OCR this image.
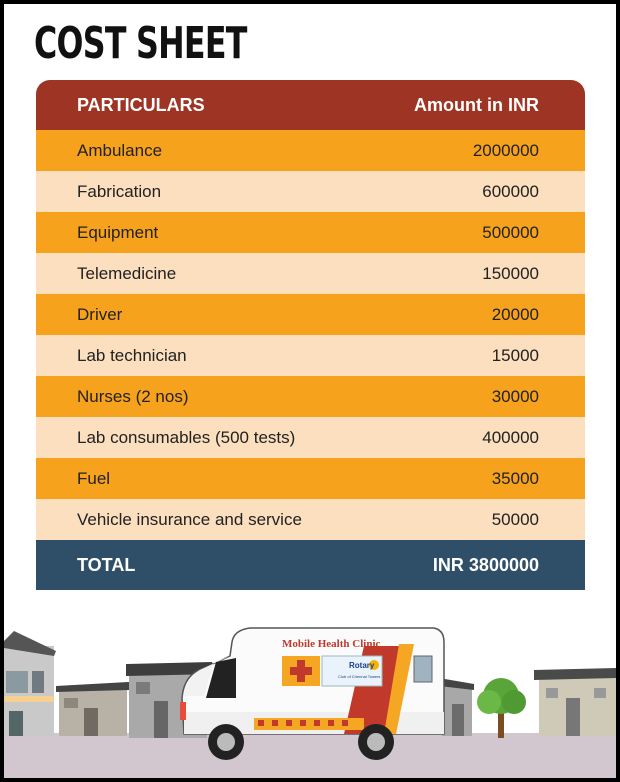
COST SHEET
PARTICULARS	Amount in INR
Ambulance	2000000
Fabrication	600000
Equipment	500000
Telemedicine	150000
Driver	20000
Lab technician	15000
Nurses (2 nos)	30000
Lab consumables (500 tests)	400000
Fuel	35000
Vehicle insurance and service	50000
TOTAL	INR 3800000
Rotary
Club of Chennai Towers
Mobile Health Clinic
